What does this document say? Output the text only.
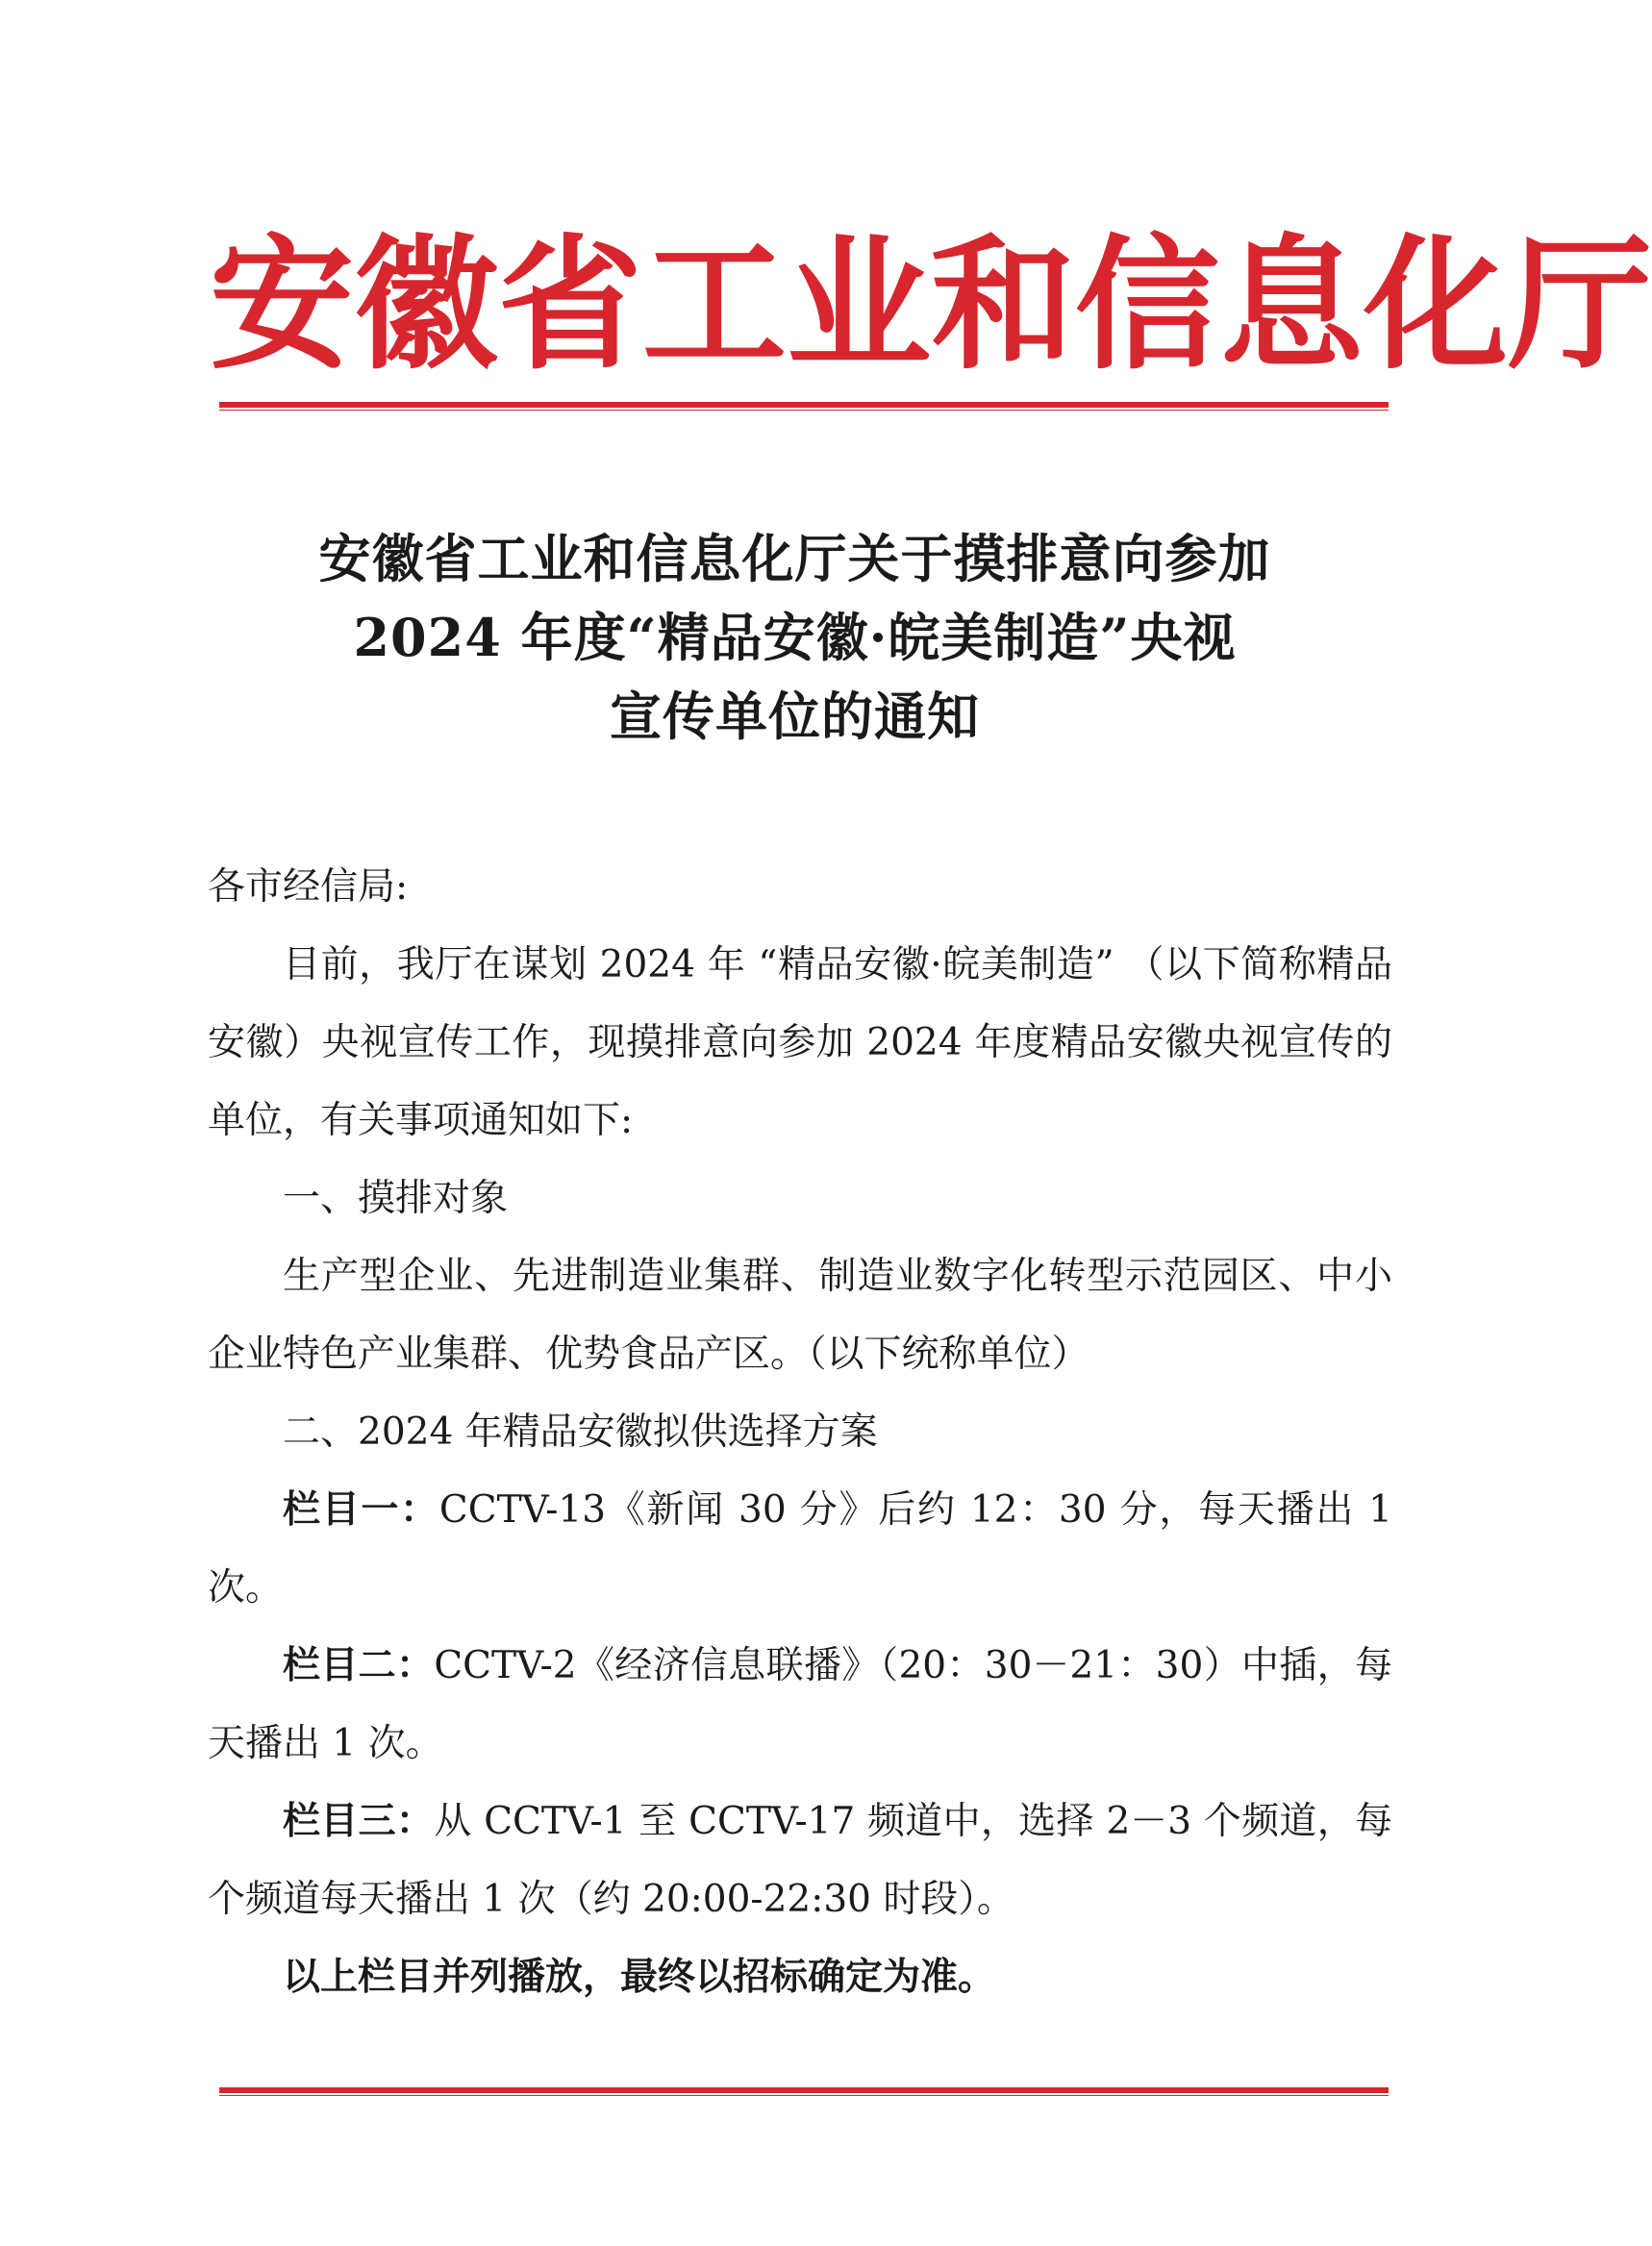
安 徽 省 工 业 和 信 息 化 厅
安徽省工业和信息化厅关于摸排意向参加
2024 年度“精品安徽·皖美制造”央视
宣传单位的通知

各市经信局:

目前，我厅在谋划 2024 年 “精品安徽·皖美制造” （以下简称精品安徽）央视宣传工作，现摸排意向参加 2024 年度精品安徽央视宣传的单位，有关事项通知如下:

一、摸排对象

生产型企业、先进制造业集群、制造业数字化转型示范园区、中小企业特色产业集群、优势食品产区。（以下统称单位）

二、2024 年精品安徽拟供选择方案

栏目一：CCTV-13《新闻 30 分》后约 12：30 分，每天播出 1 次。

栏目二：CCTV-2《经济信息联播》（20：30－21：30）中插，每天播出 1 次。

栏目三：从 CCTV-1 至 CCTV-17 频道中，选择 2－3 个频道，每个频道每天播出 1 次（约 20:00-22:30 时段）。

以上栏目并列播放，最终以招标确定为准。
